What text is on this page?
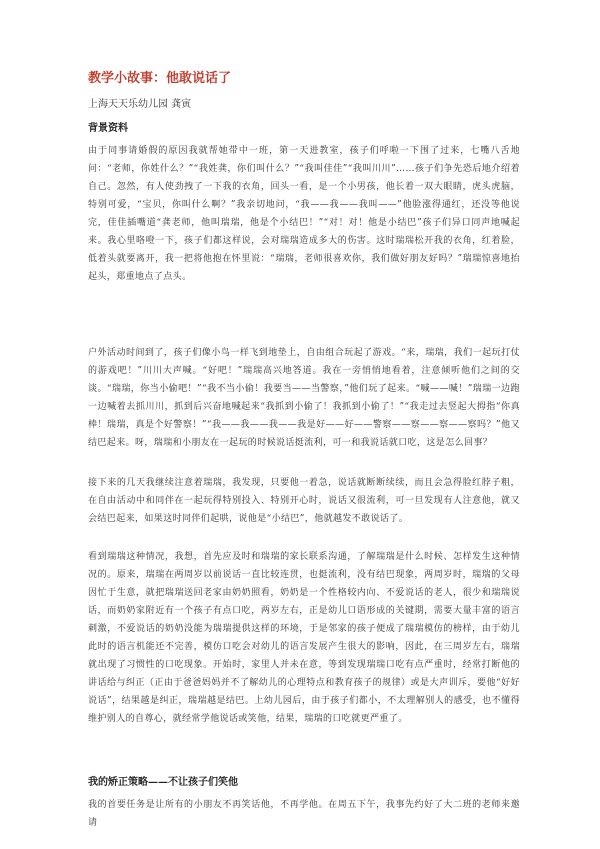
教学小故事：他敢说话了
上海天天乐幼儿园 龚寅
背景资料
由于同事请婚假的原因我就帮她带中一班，第一天进教室，孩子们呼啦一下围了过来，七嘴八舌地问：“老师，你姓什么？”“我姓龚，你们叫什么？”“我叫佳佳”“我叫川川”……孩子们争先恐后地介绍着自己。忽然，有人使劲拽了一下我的衣角，回头一看，是一个小男孩，他长着一双大眼睛，虎头虎脑，特别可爱，“宝贝，你叫什么啊？”我亲切地问，“我——我——我叫——”他脸涨得通红，还没等他说完，佳佳插嘴道“龚老师，他叫瑞瑞，他是个小结巴！”“对！对！他是小结巴”孩子们异口同声地喊起来。我心里咯噔一下，孩子们都这样说，会对瑞瑞造成多大的伤害。这时瑞瑞松开我的衣角，红着脸，低着头就要离开，我一把将他抱在怀里说：“瑞瑞，老师很喜欢你，我们做好朋友好吗？”瑞瑞惊喜地抬起头，郑重地点了点头。
户外活动时间到了，孩子们像小鸟一样飞到地垫上，自由组合玩起了游戏。“来，瑞瑞，我们一起玩打仗的游戏吧！”川川大声喊。“好吧！”瑞瑞高兴地答道。我在一旁悄悄地看着，注意倾听他们之间的交谈。“瑞瑞，你当小偷吧！”“我不当小偷！我要当——当警察，”他们玩了起来。“喊——喊！”瑞瑞一边跑一边喊着去抓川川，抓到后兴奋地喊起来“我抓到小偷了！我抓到小偷了！”“我走过去竖起大拇指“你真棒！瑞瑞，真是个好警察！”“我——我——我——我是好——好——警察——察——察——察吗？”他又结巴起来。呀，瑞瑞和小朋友在一起玩的时候说话挺流利，可一和我说话就口吃，这是怎么回事？
接下来的几天我继续注意着瑞瑞，我发现，只要他一着急，说话就断断续续，而且会急得脸红脖子粗，在自由活动中和同伴在一起玩得特别投入、特别开心时，说话又很流利，可一旦发现有人注意他，就又会结巴起来，如果这时同伴们起哄，说他是“小结巴”，他就越发不敢说话了。
看到瑞瑞这种情况，我想，首先应及时和瑞瑞的家长联系沟通，了解瑞瑞是什么时候、怎样发生这种情况的。原来，瑞瑞在两周岁以前说话一直比较连贯，也挺流利，没有结巴现象，两周岁时，瑞瑞的父母因忙于生意，就把瑞瑞送回老家由奶奶照看，奶奶是一个性格较内向、不爱说话的老人，很少和瑞瑞说话，而奶奶家附近有一个孩子有点口吃，两岁左右，正是幼儿口语形成的关键期，需要大量丰富的语言刺激，不爱说话的奶奶没能为瑞瑞提供这样的环境，于是邻家的孩子便成了瑞瑞模仿的榜样，由于幼儿此时的语言机能还不完善，模仿口吃会对幼儿的语言发展产生很大的影响，因此，在三周岁左右，瑞瑞就出现了习惯性的口吃现象。开始时，家里人并未在意，等到发现瑞瑞口吃有点严重时，经常打断他的讲话给与纠正（正由于爸爸妈妈并不了解幼儿的心理特点和教育孩子的规律）或是大声训斥，要他“好好说话”，结果越是纠正，瑞瑞越是结巴。上幼儿园后，由于孩子们都小，不太理解别人的感受，也不懂得维护别人的自尊心，就经常学他说话或笑他，结果，瑞瑞的口吃就更严重了。
我的矫正策略——不让孩子们笑他
我的首要任务是让所有的小朋友不再笑话他，不再学他。在周五下午，我事先约好了大二班的老师来邀请
